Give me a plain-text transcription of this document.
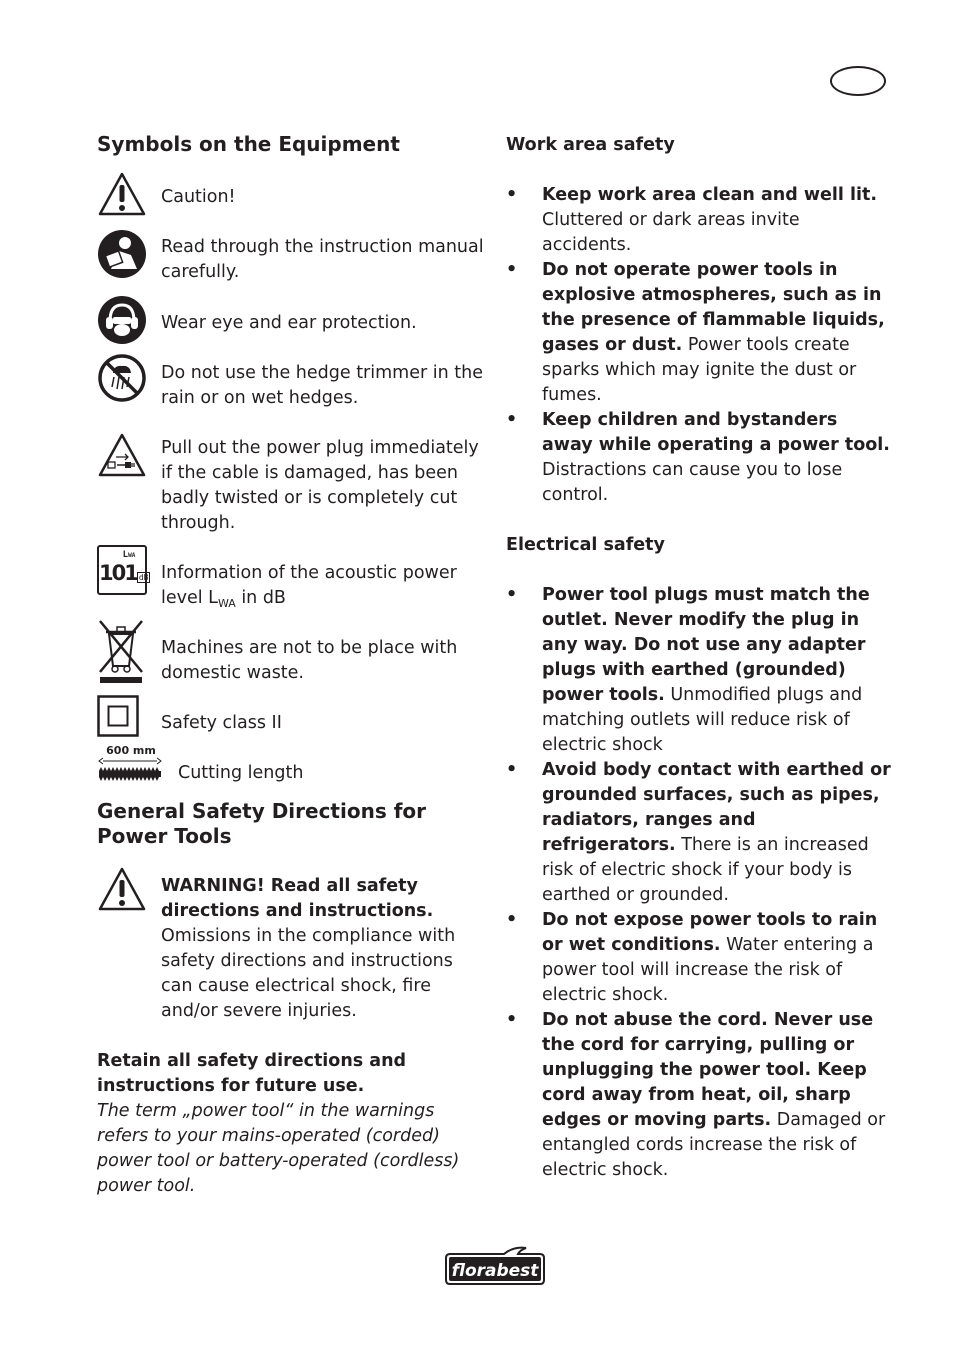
Symbols on the Equipment
Caution!
Read through the instruction manual carefully.
Wear eye and ear protection.
Do not use the hedge trimmer in the rain or on wet hedges.
Pull out the power plug immediately if the cable is damaged, has been badly twisted or is completely cut through.
LWA
101 dB Information of the acoustic power level $L_{WA}$ in dB
Machines are not to be place with domestic waste.
Safety class II
600 mm
Cutting length
General Safety Directions for Power Tools
WARNING! Read all safety directions and instructions. Omissions in the compliance with safety directions and instructions can cause electrical shock, fire and/or severe injuries.
Retain all safety directions and instructions for future use.
The term „power tool“ in the warnings refers to your mains-operated (corded) power tool or battery-operated (cordless) power tool.
Work area safety
• Keep work area clean and well lit. Cluttered or dark areas invite accidents.
• Do not operate power tools in explosive atmospheres, such as in the presence of flammable liquids, gases or dust. Power tools create sparks which may ignite the dust or fumes.
• Keep children and bystanders away while operating a power tool. Distractions can cause you to lose control.
Electrical safety
• Power tool plugs must match the outlet. Never modify the plug in any way. Do not use any adapter plugs with earthed (grounded) power tools. Unmodified plugs and matching outlets will reduce risk of electric shock
• Avoid body contact with earthed or grounded surfaces, such as pipes, radiators, ranges and refrigerators. There is an increased risk of electric shock if your body is earthed or grounded.
• Do not expose power tools to rain or wet conditions. Water entering a power tool will increase the risk of electric shock.
• Do not abuse the cord. Never use the cord for carrying, pulling or unplugging the power tool. Keep cord away from heat, oil, sharp edges or moving parts. Damaged or entangled cords increase the risk of electric shock.
florabest
